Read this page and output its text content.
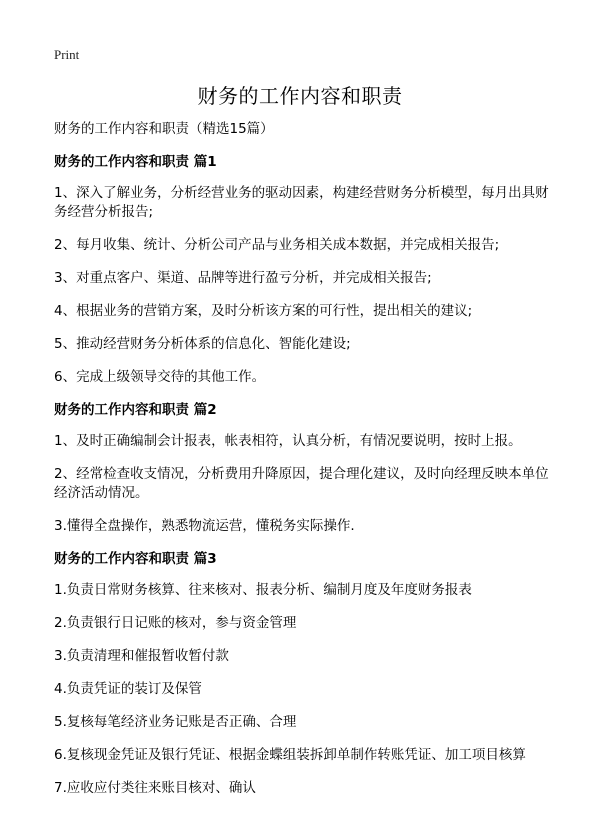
Print
财务的工作内容和职责

财务的工作内容和职责（精选15篇）

财务的工作内容和职责 篇1

1、深入了解业务，分析经营业务的驱动因素，构建经营财务分析模型，每月出具财务经营分析报告;

2、每月收集、统计、分析公司产品与业务相关成本数据，并完成相关报告;

3、对重点客户、渠道、品牌等进行盈亏分析，并完成相关报告;

4、根据业务的营销方案，及时分析该方案的可行性，提出相关的建议;

5、推动经营财务分析体系的信息化、智能化建设;

6、完成上级领导交待的其他工作。

财务的工作内容和职责 篇2

1、及时正确编制会计报表，帐表相符，认真分析，有情况要说明，按时上报。

2、经常检查收支情况，分析费用升降原因，提合理化建议，及时向经理反映本单位经济活动情况。

3.懂得全盘操作，熟悉物流运营，懂税务实际操作.

财务的工作内容和职责 篇3

1.负责日常财务核算、往来核对、报表分析、编制月度及年度财务报表

2.负责银行日记账的核对，参与资金管理

3.负责清理和催报暂收暂付款

4.负责凭证的装订及保管

5.复核每笔经济业务记账是否正确、合理

6.复核现金凭证及银行凭证、根据金蝶组装拆卸单制作转账凭证、加工项目核算

7.应收应付类往来账目核对、确认
